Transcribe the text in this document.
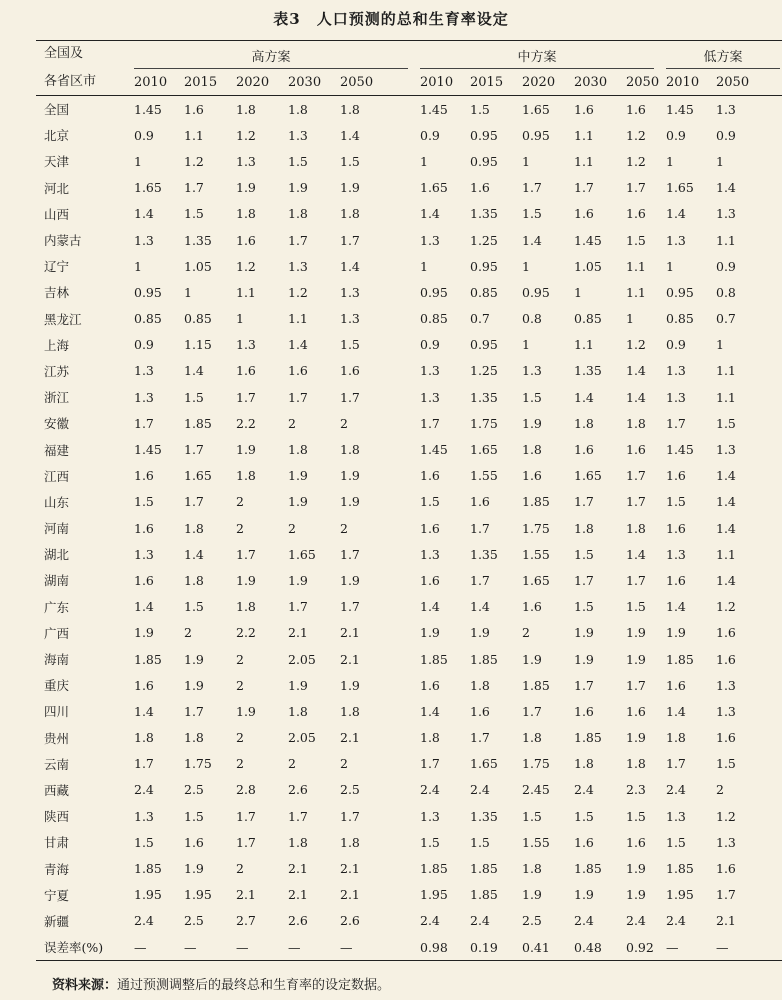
表3　人口预测的总和生育率设定
全国及	高方案					中方案					低方案	

各省区市	2010	2015	2020	2030	2050	2010	2015	2020	2030	2050	2010	2050
全国	1.45	1.6	1.8	1.8	1.8	1.45	1.5	1.65	1.6	1.6	1.45	1.3
北京	0.9	1.1	1.2	1.3	1.4	0.9	0.95	0.95	1.1	1.2	0.9	0.9
天津	1	1.2	1.3	1.5	1.5	1	0.95	1	1.1	1.2	1	1
河北	1.65	1.7	1.9	1.9	1.9	1.65	1.6	1.7	1.7	1.7	1.65	1.4
山西	1.4	1.5	1.8	1.8	1.8	1.4	1.35	1.5	1.6	1.6	1.4	1.3
内蒙古	1.3	1.35	1.6	1.7	1.7	1.3	1.25	1.4	1.45	1.5	1.3	1.1
辽宁	1	1.05	1.2	1.3	1.4	1	0.95	1	1.05	1.1	1	0.9
吉林	0.95	1	1.1	1.2	1.3	0.95	0.85	0.95	1	1.1	0.95	0.8
黑龙江	0.85	0.85	1	1.1	1.3	0.85	0.7	0.8	0.85	1	0.85	0.7
上海	0.9	1.15	1.3	1.4	1.5	0.9	0.95	1	1.1	1.2	0.9	1
江苏	1.3	1.4	1.6	1.6	1.6	1.3	1.25	1.3	1.35	1.4	1.3	1.1
浙江	1.3	1.5	1.7	1.7	1.7	1.3	1.35	1.5	1.4	1.4	1.3	1.1
安徽	1.7	1.85	2.2	2	2	1.7	1.75	1.9	1.8	1.8	1.7	1.5
福建	1.45	1.7	1.9	1.8	1.8	1.45	1.65	1.8	1.6	1.6	1.45	1.3
江西	1.6	1.65	1.8	1.9	1.9	1.6	1.55	1.6	1.65	1.7	1.6	1.4
山东	1.5	1.7	2	1.9	1.9	1.5	1.6	1.85	1.7	1.7	1.5	1.4
河南	1.6	1.8	2	2	2	1.6	1.7	1.75	1.8	1.8	1.6	1.4
湖北	1.3	1.4	1.7	1.65	1.7	1.3	1.35	1.55	1.5	1.4	1.3	1.1
湖南	1.6	1.8	1.9	1.9	1.9	1.6	1.7	1.65	1.7	1.7	1.6	1.4
广东	1.4	1.5	1.8	1.7	1.7	1.4	1.4	1.6	1.5	1.5	1.4	1.2
广西	1.9	2	2.2	2.1	2.1	1.9	1.9	2	1.9	1.9	1.9	1.6
海南	1.85	1.9	2	2.05	2.1	1.85	1.85	1.9	1.9	1.9	1.85	1.6
重庆	1.6	1.9	2	1.9	1.9	1.6	1.8	1.85	1.7	1.7	1.6	1.3
四川	1.4	1.7	1.9	1.8	1.8	1.4	1.6	1.7	1.6	1.6	1.4	1.3
贵州	1.8	1.8	2	2.05	2.1	1.8	1.7	1.8	1.85	1.9	1.8	1.6
云南	1.7	1.75	2	2	2	1.7	1.65	1.75	1.8	1.8	1.7	1.5
西藏	2.4	2.5	2.8	2.6	2.5	2.4	2.4	2.45	2.4	2.3	2.4	2
陕西	1.3	1.5	1.7	1.7	1.7	1.3	1.35	1.5	1.5	1.5	1.3	1.2
甘肃	1.5	1.6	1.7	1.8	1.8	1.5	1.5	1.55	1.6	1.6	1.5	1.3
青海	1.85	1.9	2	2.1	2.1	1.85	1.85	1.8	1.85	1.9	1.85	1.6
宁夏	1.95	1.95	2.1	2.1	2.1	1.95	1.85	1.9	1.9	1.9	1.95	1.7
新疆	2.4	2.5	2.7	2.6	2.6	2.4	2.4	2.5	2.4	2.4	2.4	2.1
误差率(%)	—	—	—	—	—	0.98	0.19	0.41	0.48	0.92	—	—
资料来源：通过预测调整后的最终总和生育率的设定数据。
